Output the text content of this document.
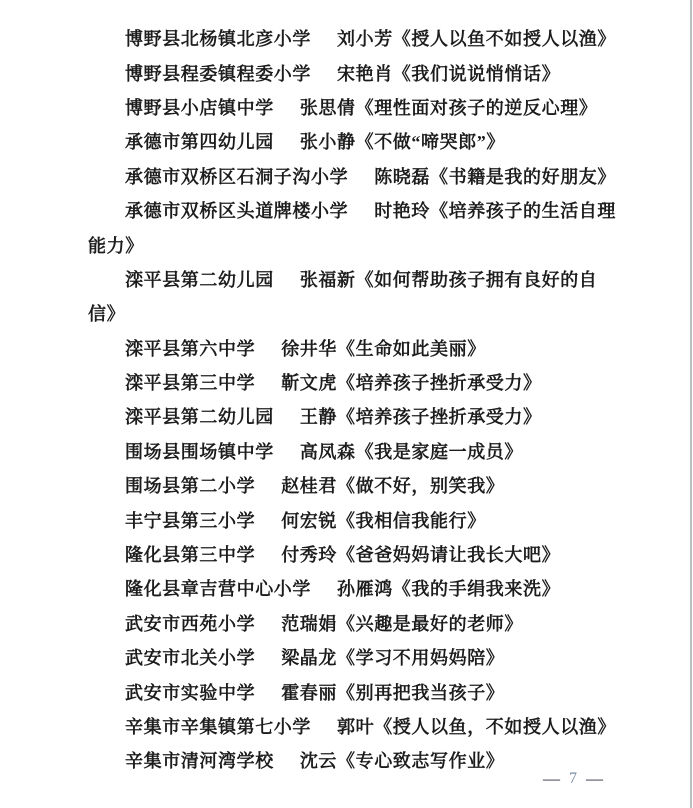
博野县北杨镇北彦小学 刘小芳《授人以鱼不如授人以渔》
博野县程委镇程委小学 宋艳肖《我们说说悄悄话》
博野县小店镇中学 张思倩《理性面对孩子的逆反心理》
承德市第四幼儿园 张小静《不做“啼哭郎”》
承德市双桥区石洞子沟小学 陈晓磊《书籍是我的好朋友》
承德市双桥区头道牌楼小学 时艳玲《培养孩子的生活自理
能力》
滦平县第二幼儿园 张福新《如何帮助孩子拥有良好的自
信》
滦平县第六中学 徐井华《生命如此美丽》
滦平县第三中学 靳文虎《培养孩子挫折承受力》
滦平县第二幼儿园 王静《培养孩子挫折承受力》
围场县围场镇中学 高凤森《我是家庭一成员》
围场县第二小学 赵桂君《做不好，别笑我》
丰宁县第三小学 何宏锐《我相信我能行》
隆化县第三中学 付秀玲《爸爸妈妈请让我长大吧》
隆化县章吉营中心小学 孙雁鸿《我的手绢我来洗》
武安市西苑小学 范瑞娟《兴趣是最好的老师》
武安市北关小学 梁晶龙《学习不用妈妈陪》
武安市实验中学 霍春丽《别再把我当孩子》
辛集市辛集镇第七小学 郭叶《授人以鱼，不如授人以渔》
辛集市清河湾学校 沈云《专心致志写作业》
— 7 —
